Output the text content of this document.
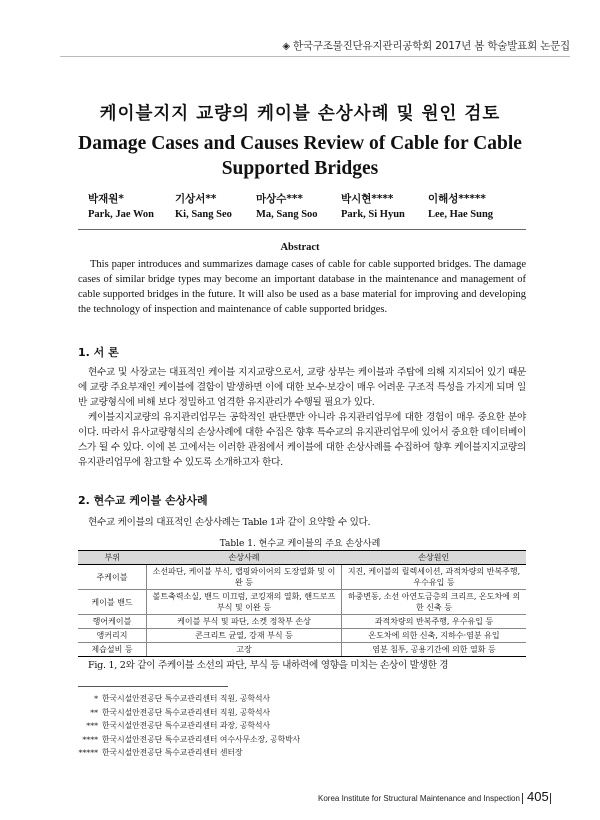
◈ 한국구조물진단유지관리공학회 2017년 봄 학술발표회 논문집
케이블지지 교량의 케이블 손상사례 및 원인 검토
Damage Cases and Causes Review of Cable for Cable Supported Bridges
박재원*
Park, Jae Won
기상서**
Ki, Sang Seo
마상수***
Ma, Sang Soo
박시현****
Park, Si Hyun
이해성*****
Lee, Hae Sung
Abstract
This paper introduces and summarizes damage cases of cable for cable supported bridges. The damage cases of similar bridge types may become an important database in the maintenance and management of cable supported bridges in the future. It will also be used as a base material for improving and developing the technology of inspection and maintenance of cable supported bridges.
1. 서 론

현수교 및 사장교는 대표적인 케이블 지지교량으로서, 교량 상부는 케이블과 주탑에 의해 지지되어 있기 때문에 교량 주요부재인 케이블에 결함이 발생하면 이에 대한 보수·보강이 매우 어려운 구조적 특성을 가지게 되며 일반 교량형식에 비해 보다 정밀하고 엄격한 유지관리가 수행될 필요가 있다.

케이블지지교량의 유지관리업무는 공학적인 판단뿐만 아니라 유지관리업무에 대한 경험이 매우 중요한 분야이다. 따라서 유사교량형식의 손상사례에 대한 수집은 향후 특수교의 유지관리업무에 있어서 중요한 데이터베이스가 될 수 있다. 이에 본 고에서는 이러한 관점에서 케이블에 대한 손상사례를 수집하여 향후 케이블지지교량의 유지관리업무에 참고할 수 있도록 소개하고자 한다.

2. 현수교 케이블 손상사례

현수교 케이블의 대표적인 손상사례는 Table 1과 같이 요약할 수 있다.

Table 1. 현수교 케이블의 주요 손상사례
부위	손상사례	손상원인
주케이블	소선파단, 케이블 부식, 랩핑와이어의 도장열화 및 이완 등	지진, 케이블의 릴렉세이션, 과적차량의 반복주행, 우수유입 등
케이블 밴드	볼트축력소실, 밴드 미끄럼, 코킹재의 열화, 핸드로프 부식 및 이완 등	하중변동, 소선 아연도금층의 크리프, 온도차에 의한 신축 등
행어케이블	케이블 부식 및 파단, 소켓 정착부 손상	과적차량의 반복주행, 우수유입 등
앵커리지	콘크리트 균열, 강재 부식 등	온도차에 의한 신축, 지하수·염분 유입
제습설비 등	고장	염분 침투, 공용기간에 의한 열화 등

Fig. 1, 2와 같이 주케이블 소선의 파단, 부식 등 내하력에 영향을 미치는 손상이 발생한 경

* 한국시설안전공단 특수교관리센터 직원, 공학석사
** 한국시설안전공단 특수교관리센터 직원, 공학석사
*** 한국시설안전공단 특수교관리센터 과장, 공학석사
**** 한국시설안전공단 특수교관리센터 여수사무소장, 공학박사
***** 한국시설안전공단 특수교관리센터 센터장
Korea Institute for Structural Maintenance and Inspection 405
